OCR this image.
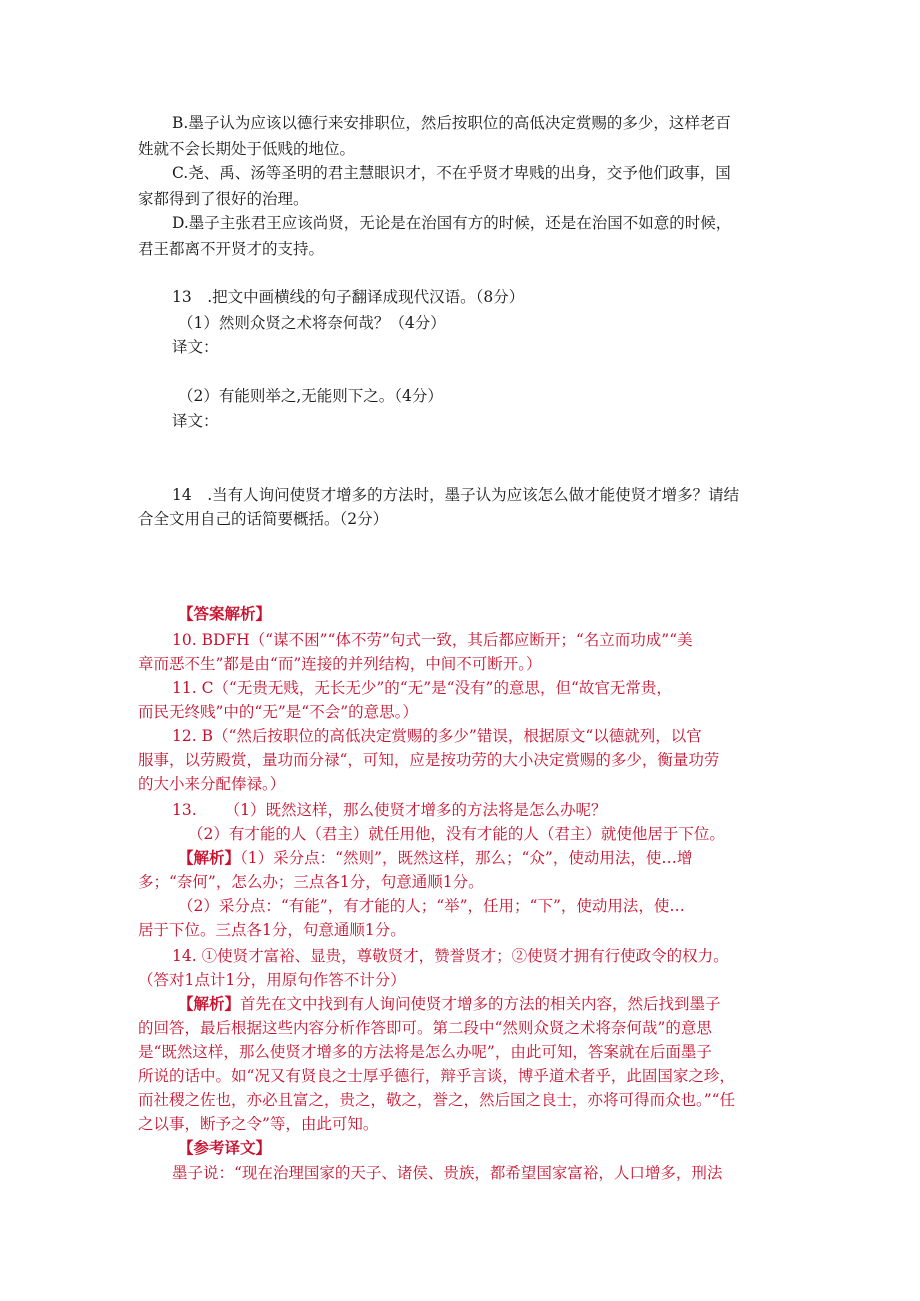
B.墨子认为应该以德行来安排职位，然后按职位的高低决定赏赐的多少，这样老百
姓就不会长期处于低贱的地位。
C.尧、禹、汤等圣明的君主慧眼识才，不在乎贤才卑贱的出身，交予他们政事，国
家都得到了很好的治理。
D.墨子主张君王应该尚贤，无论是在治国有方的时候，还是在治国不如意的时候，
君王都离不开贤才的支持。
13　.把文中画横线的句子翻译成现代汉语。（8分）
（1）然则众贤之术将奈何哉？（4分）
译文：
（2）有能则举之,无能则下之。（4分）
译文：
14　.当有人询问使贤才增多的方法时，墨子认为应该怎么做才能使贤才增多？请结
合全文用自己的话简要概括。（2分）
【答案解析】
10. BDFH（“谋不困”“体不劳”句式一致，其后都应断开；“名立而功成”“美
章而恶不生”都是由“而”连接的并列结构，中间不可断开。）
11. C（“无贵无贱，无长无少”的“无”是“没有”的意思，但“故官无常贵，
而民无终贱”中的“无”是“不会”的意思。）
12. B（“然后按职位的高低决定赏赐的多少”错误，根据原文“以德就列，以官
服事，以劳殿赏，量功而分禄“，可知，应是按功劳的大小决定赏赐的多少，衡量功劳
的大小来分配俸禄。）
13. （1）既然这样，那么使贤才增多的方法将是怎么办呢？
（2）有才能的人（君主）就任用他，没有才能的人（君主）就使他居于下位。
【解析】（1）采分点：“然则”，既然这样，那么；“众”，使动用法，使…增
多；“奈何”，怎么办；三点各1分，句意通顺1分。
（2）采分点：“有能”，有才能的人；“举”，任用；“下”，使动用法，使…
居于下位。三点各1分，句意通顺1分。
14. ①使贤才富裕、显贵，尊敬贤才，赞誉贤才；②使贤才拥有行使政令的权力。
（答对1点计1分，用原句作答不计分）
【解析】首先在文中找到有人询问使贤才增多的方法的相关内容，然后找到墨子
的回答，最后根据这些内容分析作答即可。第二段中“然则众贤之术将奈何哉”的意思
是“既然这样，那么使贤才增多的方法将是怎么办呢”，由此可知，答案就在后面墨子
所说的话中。如“况又有贤良之士厚乎德行，辩乎言谈，博乎道术者乎，此固国家之珍，
而社稷之佐也，亦必且富之，贵之，敬之，誉之，然后国之良士，亦将可得而众也。”“任
之以事，断予之令”等，由此可知。
【参考译文】
墨子说：“现在治理国家的天子、诸侯、贵族，都希望国家富裕，人口增多，刑法
